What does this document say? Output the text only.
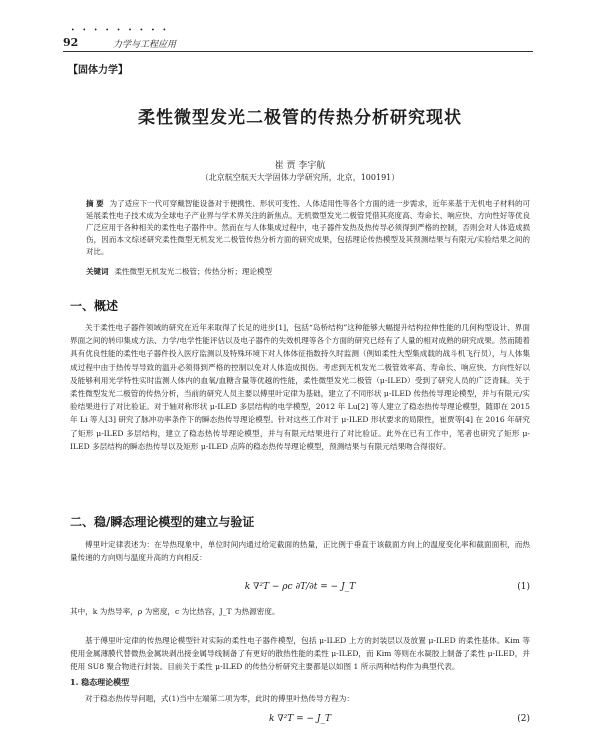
• • • • • • • • •
92	力学与工程应用
【固体力学】
柔性微型发光二极管的传热分析研究现状
崔 贾 李宇航
（北京航空航天大学固体力学研究所，北京，100191）
摘 要 为了适应下一代可穿戴智能设备对于便携性、形状可变性、人体适用性等各个方面的进一步需求，近年来基于无机电子材料的可延展柔性电子技术成为全球电子产业界与学术界关注的新焦点。无机微型发光二极管凭借其亮度高、寿命长、响应快、方向性好等优良广泛应用于各种相关的柔性电子器件中。然而在与人体集成过程中，电子器件发热及热传导必须得到严格的控制，否则会对人体造成损伤，因而本文综述研究柔性微型无机发光二极管传热分析方面的研究成果，包括理论传热模型及其预测结果与有限元/实验结果之间的对比。
关键词 柔性微型无机发光二极管；传热分析；理论模型
一、概述
关于柔性电子器件领域的研究在近年来取得了长足的进步[1]，包括“岛桥结构”这种能够大幅提升结构拉伸性能的几何构型设计、界面界面之间的转印集成方法、力学/电学性能评估以及电子器件的失效机理等各个方面的研究已经有了人量的相对成熟的研究成果。然而随着具有优良性能的柔性电子器件投入医疗监测以及特殊环境下对人体体征指数持久时监测（例如柔性大型集成载的战斗机飞行员），与人体集成过程中由于热传导导致的温升必须得到严格的控制以免对人体造成损伤。考虑到无机发光二极管效率高、寿命长、响应快、方向性好以及能够利用光学特性实时监测人体内的血氧/血糖含量等优越的性能，柔性微型发光二极管（μ-ILED）受到了研究人员的广泛青睐。关于柔性微型发光二极管的传热分析，当前的研究人员主要以傅里叶定律为基础，建立了不同形状 μ-ILED 传热传导理论模型，并与有限元/实验结果进行了对比验证。对于轴对称形状 μ-ILED 多层结构的电学模型，2012 年 Lu[2] 等人建立了稳态热传导理论模型，随即在 2015 年 Li 等人[3] 研究了脉冲功率条件下的瞬态热传导理论模型。针对这些工作对于 μ-ILED 形状要求的局限性，崔贾等[4] 在 2016 年研究了矩形 μ-ILED 多层结构，建立了稳态热传导理论模型，并与有限元结果进行了对比验证。此外在已有工作中，笔者也研究了矩形 μ-ILED 多层结构的瞬态热传导以及矩形 μ-ILED 点阵的稳态热传导理论模型，预测结果与有限元结果吻合得很好。
二、稳/瞬态理论模型的建立与验证
傅里叶定律表述为：在导热现象中，单位时间内通过给定截面的热量，正比例于垂直于该截面方向上的温度变化率和截面面积，而热量传递的方向则与温度升高的方向相反：
k ∇²T − ρc ∂T/∂t = − J_T	(1)
其中，k 为热导率，ρ 为密度，c 为比热容，J_T 为热源密度。
基于傅里叶定律的传热理论模型针对实际的柔性电子器件模型，包括 μ-ILED 上方的封装层以及放置 μ-ILED 的柔性基体。Kim 等使用金属薄膜代替微热金属块剥出接金属导线制备了有更好的散热性能的柔性 μ-ILED，而 Kim 等则在水凝胶上制备了柔性 μ-ILED，并使用 SU8 聚合物进行封装。目前关于柔性 μ-ILED 的传热分析研究主要都是以如图 1 所示两种结构作为典型代表。
1. 稳态理论模型
对于稳态热传导问题，式(1)当中左端第二项为零，此时的傅里叶热传导方程为：
k ∇²T = − J_T	(2)
